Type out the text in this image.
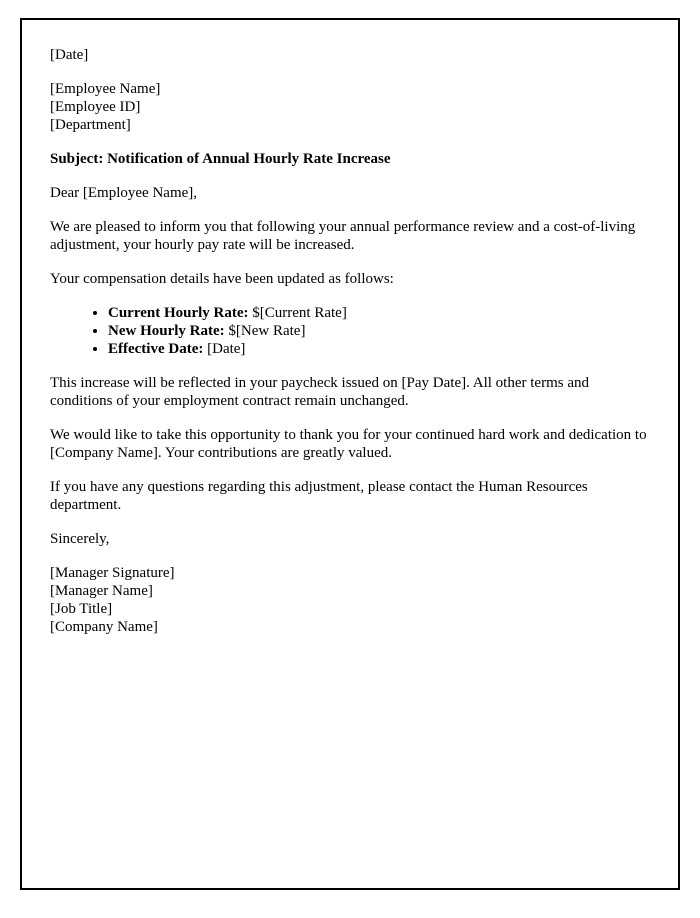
[Date]

[Employee Name]
[Employee ID]
[Department]

Subject: Notification of Annual Hourly Rate Increase

Dear [Employee Name],

We are pleased to inform you that following your annual performance review and a cost-of-living adjustment, your hourly pay rate will be increased.

Your compensation details have been updated as follows:

• Current Hourly Rate: $[Current Rate]
• New Hourly Rate: $[New Rate]
• Effective Date: [Date]

This increase will be reflected in your paycheck issued on [Pay Date]. All other terms and conditions of your employment contract remain unchanged.

We would like to take this opportunity to thank you for your continued hard work and dedication to [Company Name]. Your contributions are greatly valued.

If you have any questions regarding this adjustment, please contact the Human Resources department.

Sincerely,

[Manager Signature]
[Manager Name]
[Job Title]
[Company Name]
